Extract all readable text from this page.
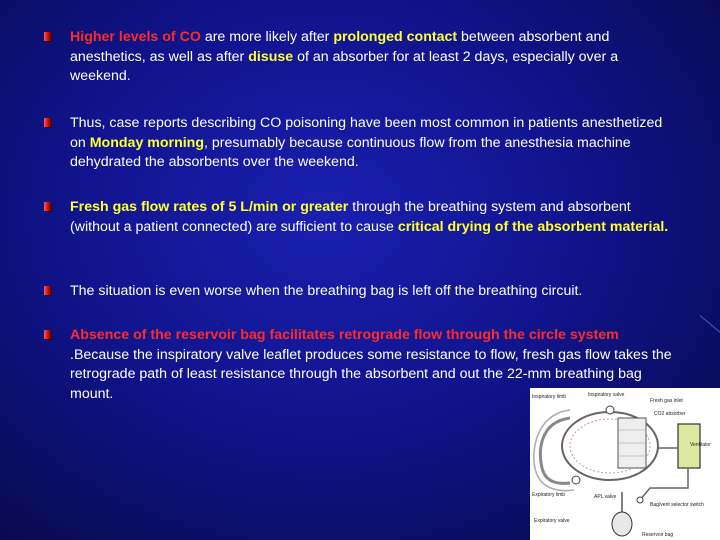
Higher levels of CO are more likely after prolonged contact between absorbent and anesthetics, as well as after disuse of an absorber for at least 2 days, especially over a weekend.
Thus, case reports describing CO poisoning have been most common in patients anesthetized on Monday morning, presumably because continuous flow from the anesthesia machine dehydrated the absorbents over the weekend.
Fresh gas flow rates of 5 L/min or greater through the breathing system and absorbent (without a patient connected) are sufficient to cause critical drying of the absorbent material.
The situation is even worse when the breathing bag is left off the breathing circuit.
Absence of the reservoir bag facilitates retrograde flow through the circle system .Because the inspiratory valve leaflet produces some resistance to flow, fresh gas flow takes the retrograde path of least resistance through the absorbent and out the 22-mm breathing bag mount.	Inspiratory limb	Inspiratory valve
Fresh gas inlet
CO2 absorber
Ventilator
Expiratory limb	APL valve
Bag/vent selector switch
Expiratory valve
Reservoir bag
